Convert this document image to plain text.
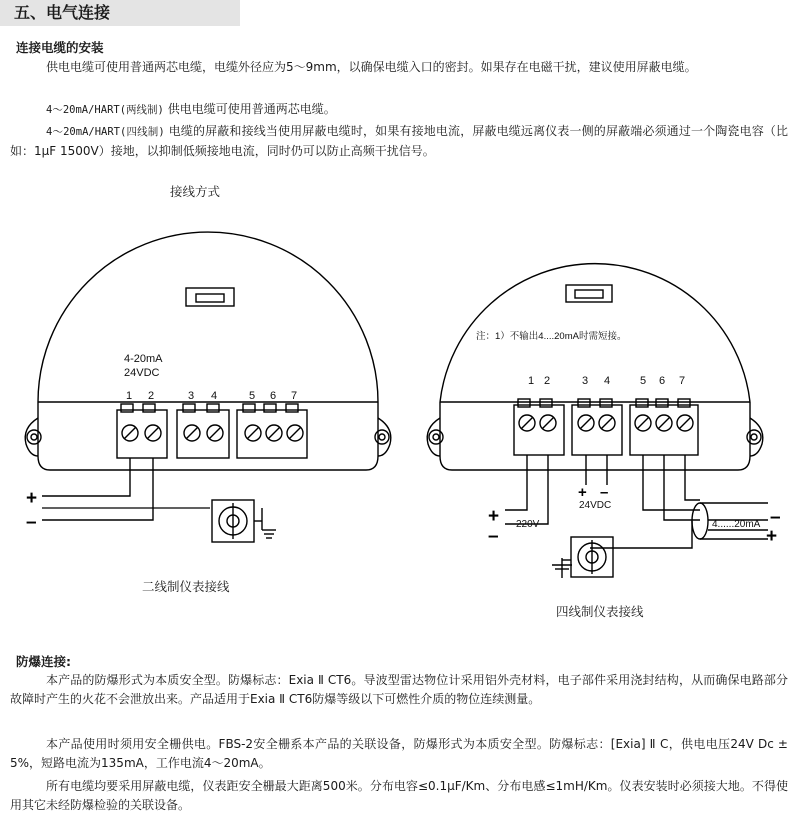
五、电气连接
连接电缆的安装

供电电缆可使用普通两芯电缆，电缆外径应为5～9mm，以确保电缆入口的密封。如果存在电磁干扰，建议使用屏蔽电缆。

4～20mA/HART(两线制) 供电电缆可使用普通两芯电缆。

4～20mA/HART(四线制) 电缆的屏蔽和接线当使用屏蔽电缆时，如果有接地电流，屏蔽电缆远离仪表一侧的屏蔽端必须通过一个陶瓷电容（比如：1μF 1500V）接地，以抑制低频接地电流，同时仍可以防止高频干扰信号。

接线方式
4-20mA
24VDC
1 2	3 4	5 6 7
1 2	3 4	5 6 7
注：1）不输出4....20mA时需短接。
220V
24VDC
4......20mA
+
–	+
–
+ –
–
+
二线制仪表接线
四线制仪表接线
防爆连接:

本产品的防爆形式为本质安全型。防爆标志：Exia Ⅱ CT6。导波型雷达物位计采用铝外壳材料，电子部件采用浇封结构，从而确保电路部分故障时产生的火花不会泄放出来。产品适用于Exia Ⅱ CT6防爆等级以下可燃性介质的物位连续测量。

本产品使用时须用安全栅供电。FBS-2安全栅系本产品的关联设备，防爆形式为本质安全型。防爆标志：[Exia] Ⅱ C，供电电压24V Dc ± 5%，短路电流为135mA，工作电流4～20mA。

所有电缆均要采用屏蔽电缆，仪表距安全栅最大距离500米。分布电容≤0.1μF/Km、分布电感≤1mH/Km。仪表安装时必须接大地。不得使用其它未经防爆检验的关联设备。
